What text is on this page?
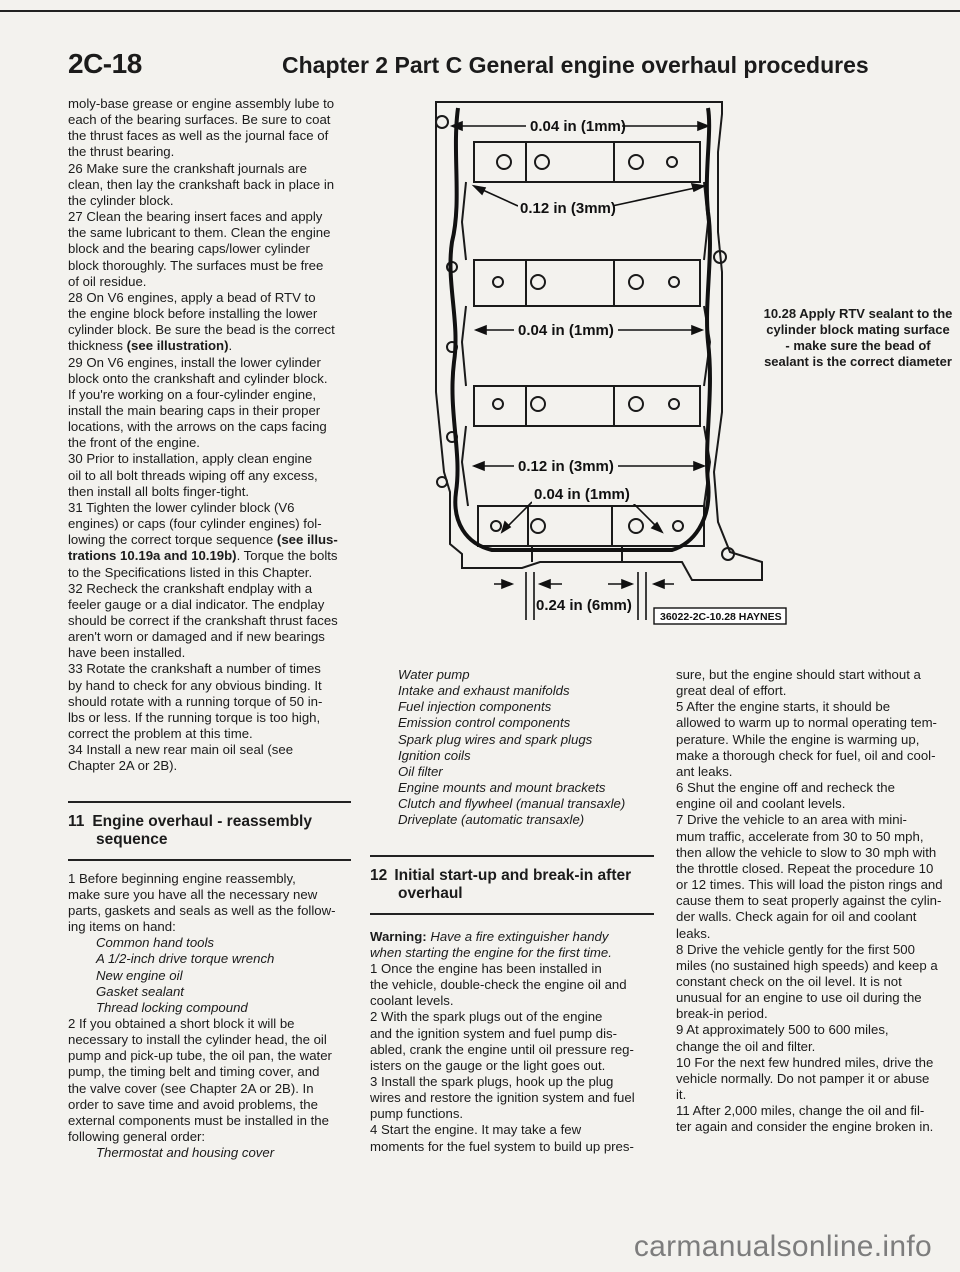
2C-18	Chapter 2 Part C General engine overhaul procedures

moly-base grease or engine assembly lube to

each of the bearing surfaces. Be sure to coat

the thrust faces as well as the journal face of

the thrust bearing.

26 Make sure the crankshaft journals are

clean, then lay the crankshaft back in place in

the cylinder block.

27 Clean the bearing insert faces and apply

the same lubricant to them. Clean the engine

block and the bearing caps/lower cylinder

block thoroughly. The surfaces must be free

of oil residue.

28 On V6 engines, apply a bead of RTV to

the engine block before installing the lower

cylinder block. Be sure the bead is the correct

thickness (see illustration).

29 On V6 engines, install the lower cylinder

block onto the crankshaft and cylinder block.

If you're working on a four-cylinder engine,

install the main bearing caps in their proper

locations, with the arrows on the caps facing

the front of the engine.

30 Prior to installation, apply clean engine

oil to all bolt threads wiping off any excess,

then install all bolts finger-tight.

31 Tighten the lower cylinder block (V6

engines) or caps (four cylinder engines) fol-

lowing the correct torque sequence (see illus-

trations 10.19a and 10.19b). Torque the bolts

to the Specifications listed in this Chapter.

32 Recheck the crankshaft endplay with a

feeler gauge or a dial indicator. The endplay

should be correct if the crankshaft thrust faces

aren't worn or damaged and if new bearings

have been installed.

33 Rotate the crankshaft a number of times

by hand to check for any obvious binding. It

should rotate with a running torque of 50 in-

lbs or less. If the running torque is too high,

correct the problem at this time.

34 Install a new rear main oil seal (see

Chapter 2A or 2B).

11 Engine overhaul - reassembly
sequence

1 Before beginning engine reassembly,

make sure you have all the necessary new

parts, gaskets and seals as well as the follow-

ing items on hand:

Common hand tools

A 1/2-inch drive torque wrench

New engine oil

Gasket sealant

Thread locking compound

2 If you obtained a short block it will be

necessary to install the cylinder head, the oil

pump and pick-up tube, the oil pan, the water

pump, the timing belt and timing cover, and

the valve cover (see Chapter 2A or 2B). In

order to save time and avoid problems, the

external components must be installed in the

following general order:

Thermostat and housing cover

0.04 in (1mm)
0.12 in (3mm)
0.04 in (1mm)
0.12 in (3mm)
0.04 in (1mm)
0.24 in (6mm)
36022-2C-10.28 HAYNES
10.28 Apply RTV sealant to the cylinder block mating surface - make sure the bead of sealant is the correct diameter

Water pump

Intake and exhaust manifolds

Fuel injection components

Emission control components

Spark plug wires and spark plugs

Ignition coils

Oil filter

Engine mounts and mount brackets

Clutch and flywheel (manual transaxle)

Driveplate (automatic transaxle)

12 Initial start-up and break-in after
overhaul

Warning: Have a fire extinguisher handy

when starting the engine for the first time.

1 Once the engine has been installed in

the vehicle, double-check the engine oil and

coolant levels.

2 With the spark plugs out of the engine

and the ignition system and fuel pump dis-

abled, crank the engine until oil pressure reg-

isters on the gauge or the light goes out.

3 Install the spark plugs, hook up the plug

wires and restore the ignition system and fuel

pump functions.

4 Start the engine. It may take a few

moments for the fuel system to build up pres-

sure, but the engine should start without a

great deal of effort.

5 After the engine starts, it should be

allowed to warm up to normal operating tem-

perature. While the engine is warming up,

make a thorough check for fuel, oil and cool-

ant leaks.

6 Shut the engine off and recheck the

engine oil and coolant levels.

7 Drive the vehicle to an area with mini-

mum traffic, accelerate from 30 to 50 mph,

then allow the vehicle to slow to 30 mph with

the throttle closed. Repeat the procedure 10

or 12 times. This will load the piston rings and

cause them to seat properly against the cylin-

der walls. Check again for oil and coolant

leaks.

8 Drive the vehicle gently for the first 500

miles (no sustained high speeds) and keep a

constant check on the oil level. It is not

unusual for an engine to use oil during the

break-in period.

9 At approximately 500 to 600 miles,

change the oil and filter.

10 For the next few hundred miles, drive the

vehicle normally. Do not pamper it or abuse

it.

11 After 2,000 miles, change the oil and fil-

ter again and consider the engine broken in.

carmanualsonline.info
